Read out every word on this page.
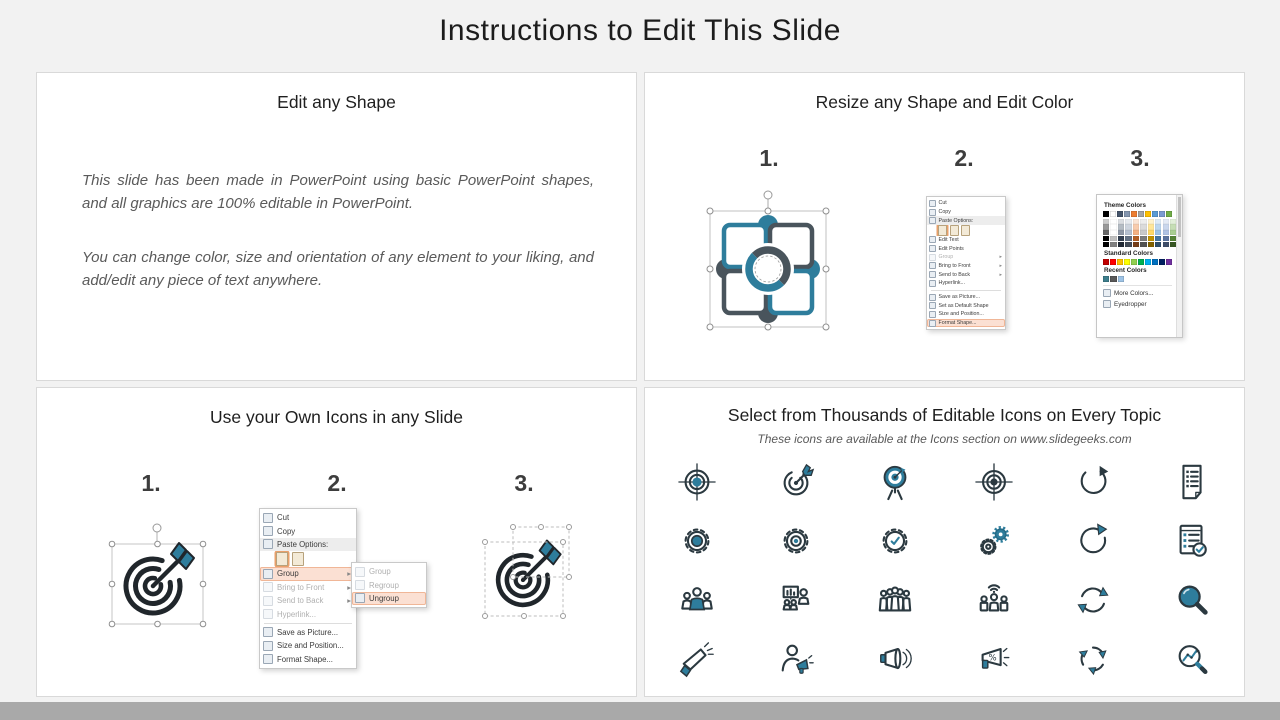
Instructions to Edit This Slide
Edit any Shape

This slide has been made in PowerPoint using basic PowerPoint shapes, and all graphics are 100% editable in PowerPoint.

You can change color, size and orientation of any element to your liking, and add/edit any piece of text anywhere.

Resize any Shape and Edit Color
1.	2.	3.
Cut
Copy
Paste Options:
Edit Text
Edit Points
Group	▸
Bring to Front	▸
Send to Back	▸
Hyperlink...
Save as Picture...
Set as Default Shape
Size and Position...
Format Shape...
Theme Colors
Standard Colors
Recent Colors
More Colors...
Eyedropper
Use your Own Icons in any Slide
1.	2.	3.
Group
Regroup
Ungroup
Cut
Copy
Paste Options:
Group	▸
Bring to Front	▸
Send to Back	▸
Hyperlink...
Save as Picture...
Size and Position...
Format Shape...
Select from Thousands of Editable Icons on Every Topic
These icons are available at the Icons section on www.slidegeeks.com
%
